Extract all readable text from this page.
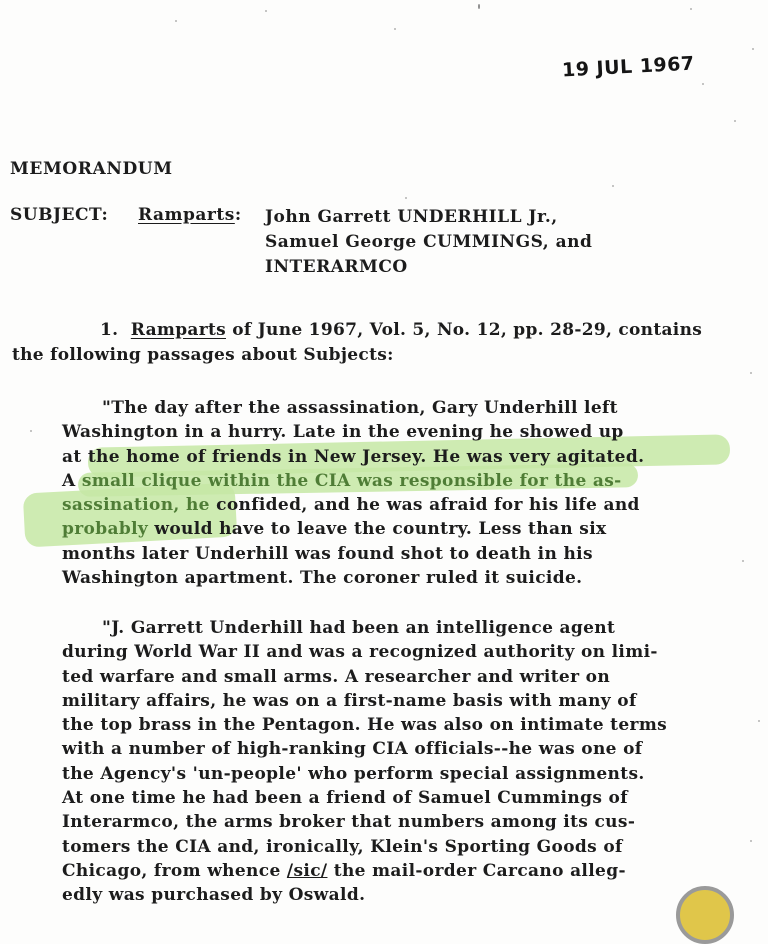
19 JUL 1967
MEMORANDUM
SUBJECT: Ramparts: John Garrett UNDERHILL Jr.,
Samuel George CUMMINGS, and
INTERARMCO
1. Ramparts of June 1967, Vol. 5, No. 12, pp. 28-29, contains
the following passages about Subjects:
"The day after the assassination, Gary Underhill left
Washington in a hurry. Late in the evening he showed up
at the home of friends in New Jersey. He was very agitated.
A small clique within the CIA was responsible for the as-
sassination, he confided, and he was afraid for his life and
probably would have to leave the country. Less than six
months later Underhill was found shot to death in his
Washington apartment. The coroner ruled it suicide.
"J. Garrett Underhill had been an intelligence agent
during World War II and was a recognized authority on limi-
ted warfare and small arms. A researcher and writer on
military affairs, he was on a first-name basis with many of
the top brass in the Pentagon. He was also on intimate terms
with a number of high-ranking CIA officials--he was one of
the Agency's 'un-people' who perform special assignments.
At one time he had been a friend of Samuel Cummings of
Interarmco, the arms broker that numbers among its cus-
tomers the CIA and, ironically, Klein's Sporting Goods of
Chicago, from whence /sic/ the mail-order Carcano alleg-
edly was purchased by Oswald.
